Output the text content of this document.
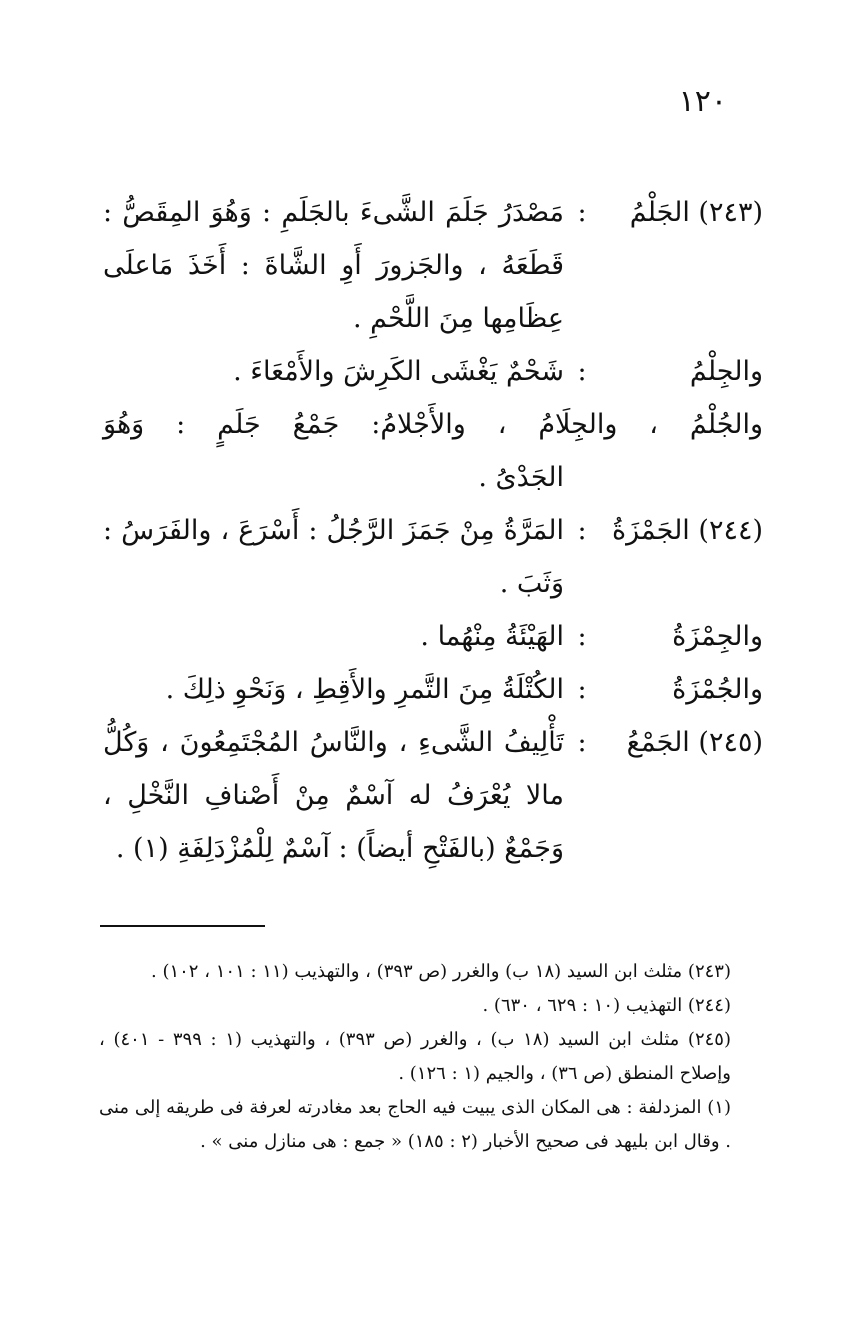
١٢٠
(٢٤٣) الجَلْمُ
:
مَصْدَرُ جَلَمَ الشَّىءَ بالجَلَمِ : وَهُوَ المِقَصُّ : قَطَعَهُ ، والجَزورَ أَوِ الشَّاةَ : أَخَذَ مَاعلَى عِظَامِها مِنَ اللَّحْمِ .
والجِلْمُ
:
شَحْمٌ يَغْشَى الكَرِشَ والأَمْعَاءَ .
والجُلْمُ ، والجِلَامُ ، والأَجْلامُ: جَمْعُ جَلَمٍ : وَهُوَ
الجَدْىُ .
(٢٤٤) الجَمْزَةُ
:
المَرَّةُ مِنْ جَمَزَ الرَّجُلُ : أَسْرَعَ ، والفَرَسُ : وَثَبَ .
والجِمْزَةُ
:
الهَيْئَةُ مِنْهُما .
والجُمْزَةُ
:
الكُتْلَةُ مِنَ التَّمرِ والأَقِطِ ، وَنَحْوِ ذلِكَ .
(٢٤٥) الجَمْعُ
:
تَأْلِيفُ الشَّىءِ ، والنَّاسُ المُجْتَمِعُونَ ، وَكُلُّ مالا يُعْرَفُ له آسْمٌ مِنْ أَصْنافِ النَّخْلِ ، وَجَمْعٌ (بالفَتْحِ أيضاً) : آسْمٌ لِلْمُزْدَلِفَةِ (١) .

(٢٤٣) مثلث ابن السيد (١٨ ب) والغرر (ص ٣٩٣) ، والتهذيب (١١ : ١٠١ ، ١٠٢) .

(٢٤٤) التهذيب (١٠ : ٦٢٩ ، ٦٣٠) .

(٢٤٥) مثلث ابن السيد (١٨ ب) ، والغرر (ص ٣٩٣) ، والتهذيب (١ : ٣٩٩ - ٤٠١) ، وإصلاح المنطق (ص ٣٦) ، والجيم (١ : ١٢٦) .

(١) المزدلفة : هى المكان الذى يبيت فيه الحاج بعد مغادرته لعرفة فى طريقه إلى منى . وقال ابن بليهد فى صحيح الأخبار (٢ : ١٨٥) « جمع : هى منازل منى » .
